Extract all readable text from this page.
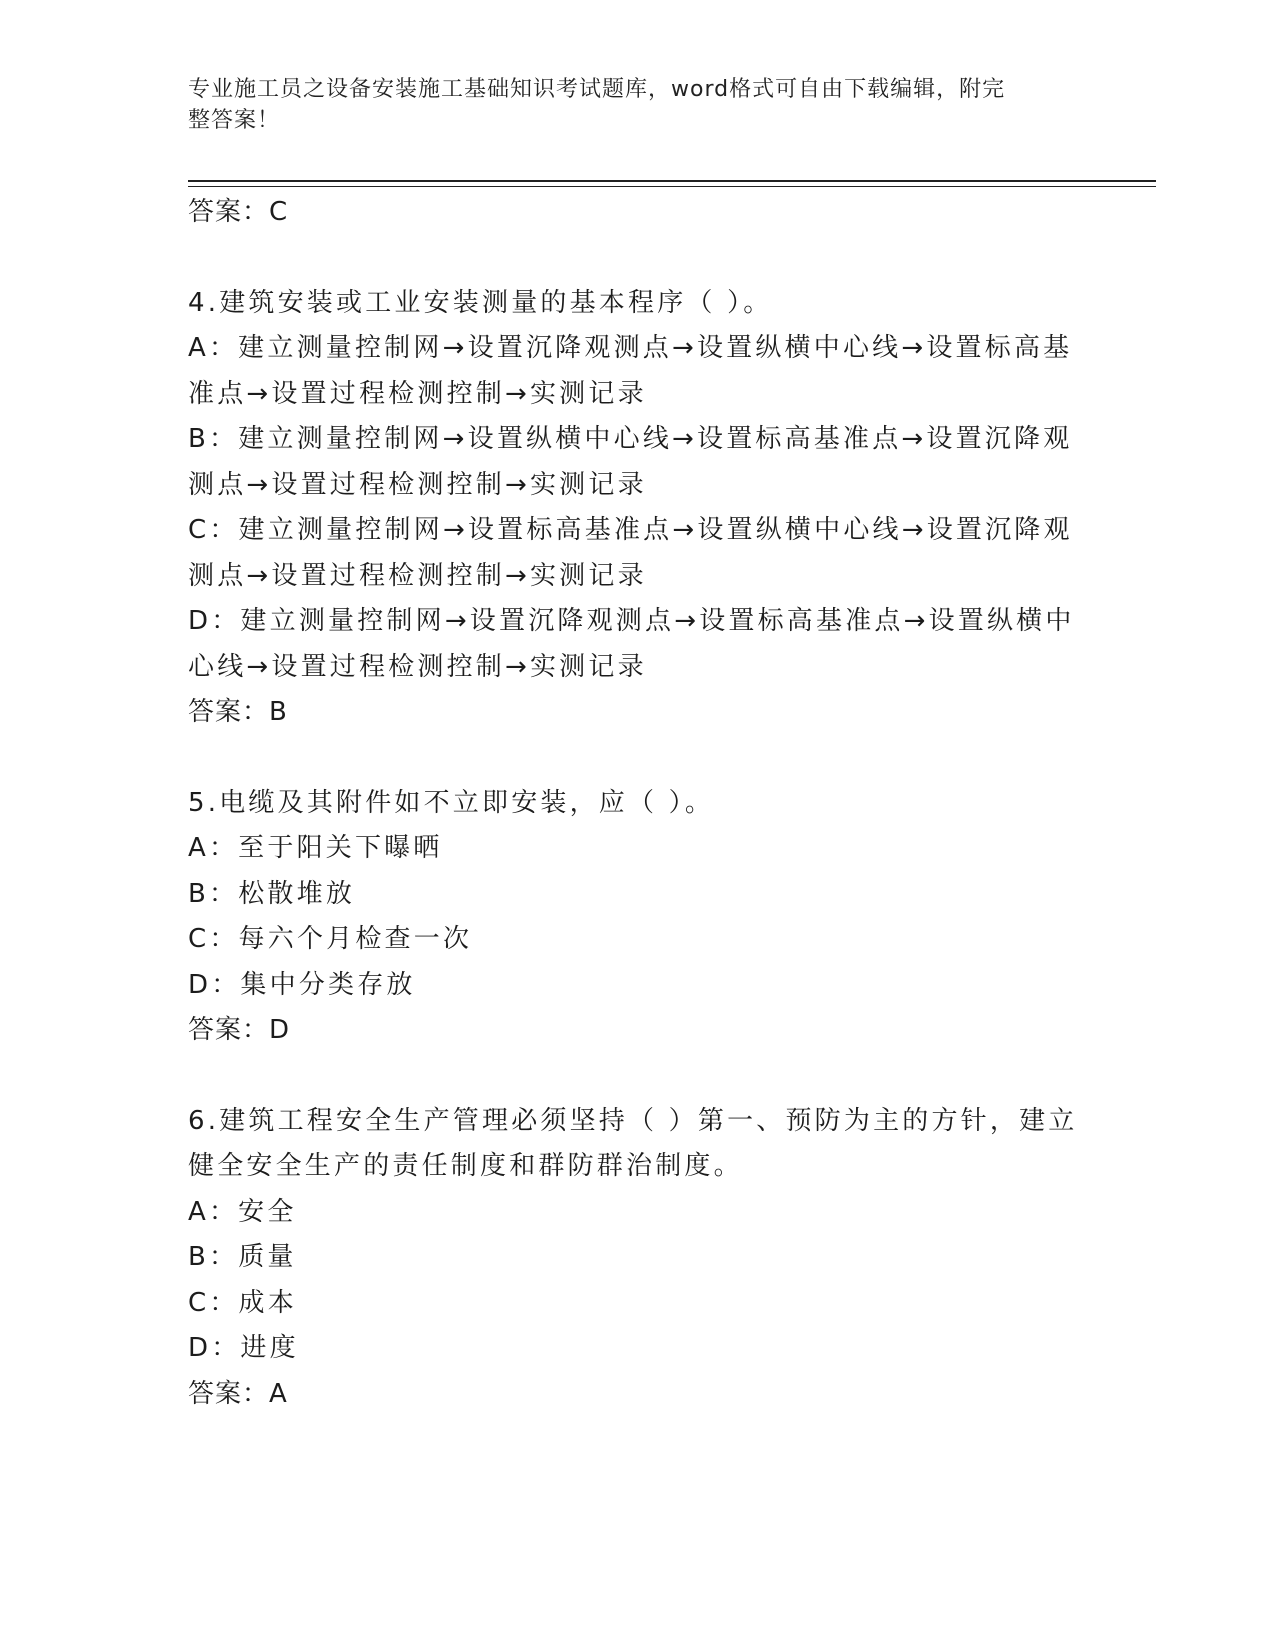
专业施工员之设备安装施工基础知识考试题库，word格式可自由下载编辑，附完
整答案！
答案：C
4.建筑安装或工业安装测量的基本程序（ ）。
A：建立测量控制网→设置沉降观测点→设置纵横中心线→设置标高基
准点→设置过程检测控制→实测记录
B：建立测量控制网→设置纵横中心线→设置标高基准点→设置沉降观
测点→设置过程检测控制→实测记录
C：建立测量控制网→设置标高基准点→设置纵横中心线→设置沉降观
测点→设置过程检测控制→实测记录
D：建立测量控制网→设置沉降观测点→设置标高基准点→设置纵横中
心线→设置过程检测控制→实测记录
答案：B
5.电缆及其附件如不立即安装，应（ ）。
A：至于阳关下曝晒
B：松散堆放
C：每六个月检查一次
D：集中分类存放
答案：D
6.建筑工程安全生产管理必须坚持（ ）第一、预防为主的方针，建立
健全安全生产的责任制度和群防群治制度。
A：安全
B：质量
C：成本
D：进度
答案：A
